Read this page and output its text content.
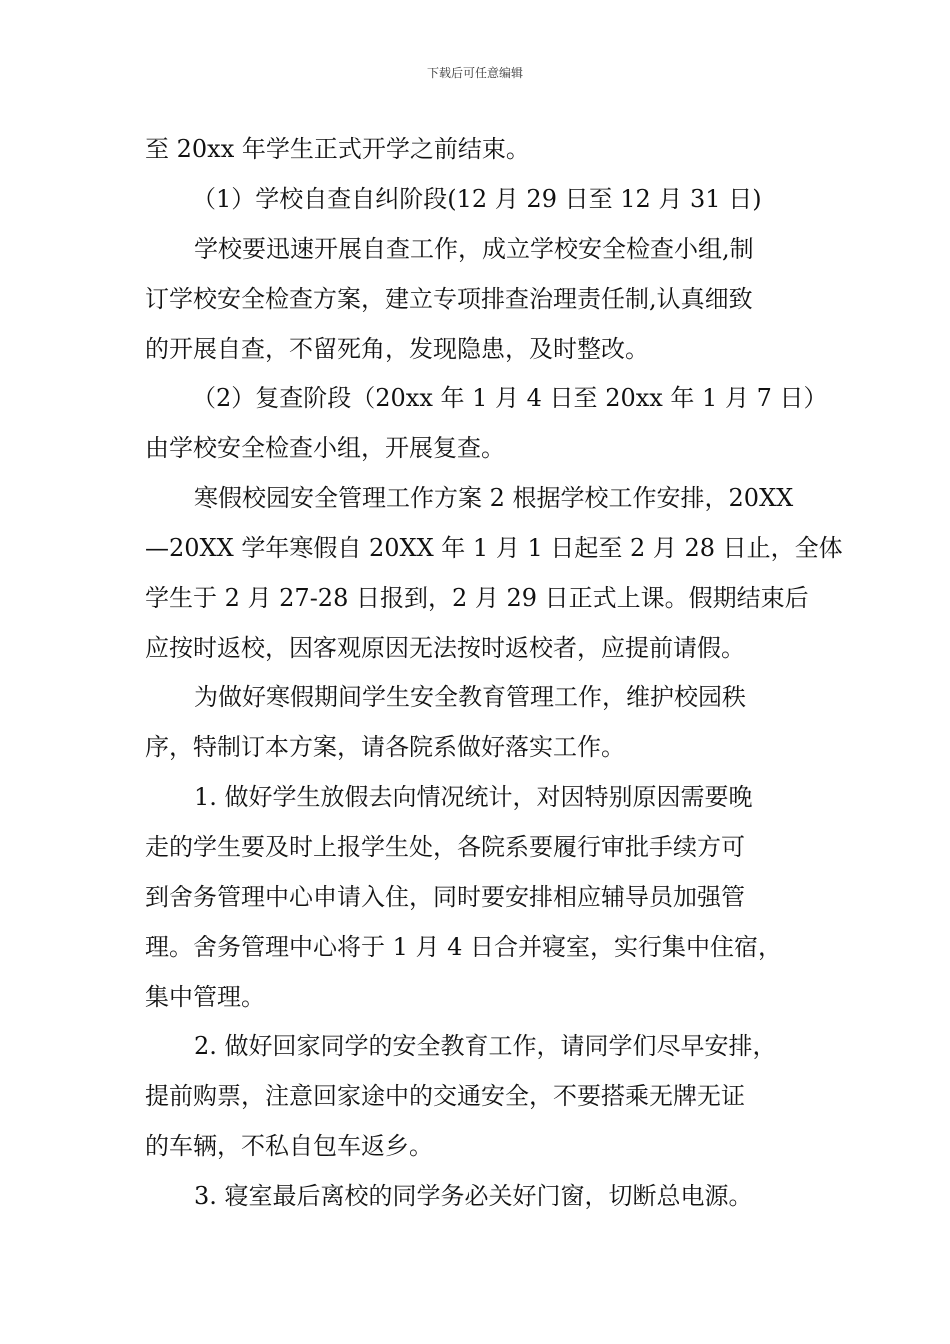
下载后可任意编辑
至 20xx 年学生正式开学之前结束。
（1）学校自查自纠阶段(12 月 29 日至 12 月 31 日)
学校要迅速开展自查工作，成立学校安全检查小组,制
订学校安全检查方案，建立专项排查治理责任制,认真细致
的开展自查，不留死角，发现隐患，及时整改。
（2）复查阶段（20xx 年 1 月 4 日至 20xx 年 1 月 7 日）
由学校安全检查小组，开展复查。
寒假校园安全管理工作方案 2 根据学校工作安排，20XX
—20XX 学年寒假自 20XX 年 1 月 1 日起至 2 月 28 日止，全体
学生于 2 月 27-28 日报到，2 月 29 日正式上课。假期结束后
应按时返校，因客观原因无法按时返校者，应提前请假。
为做好寒假期间学生安全教育管理工作，维护校园秩
序，特制订本方案，请各院系做好落实工作。
1. 做好学生放假去向情况统计，对因特别原因需要晚
走的学生要及时上报学生处，各院系要履行审批手续方可
到舍务管理中心申请入住，同时要安排相应辅导员加强管
理。舍务管理中心将于 1 月 4 日合并寝室，实行集中住宿，
集中管理。
2. 做好回家同学的安全教育工作，请同学们尽早安排，
提前购票，注意回家途中的交通安全，不要搭乘无牌无证
的车辆，不私自包车返乡。
3. 寝室最后离校的同学务必关好门窗，切断总电源。
